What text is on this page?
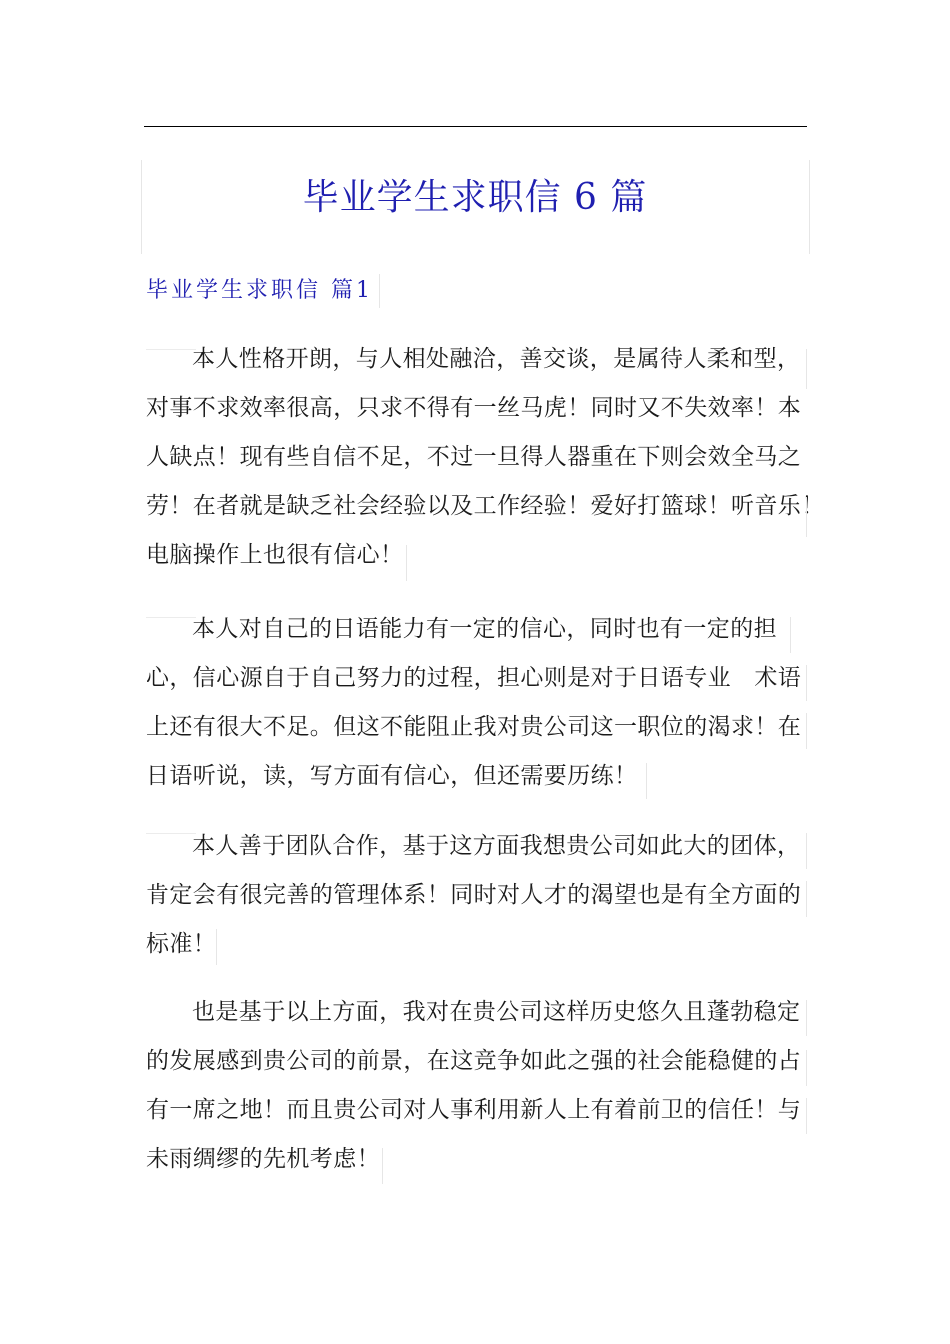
毕业学生求职信 6 篇
毕业学生求职信 篇1

本人性格开朗，与人相处融洽，善交谈，是属待人柔和型，
对事不求效率很高，只求不得有一丝马虎！同时又不失效率！本
人缺点！现有些自信不足，不过一旦得人器重在下则会效全马之
劳！在者就是缺乏社会经验以及工作经验！爱好打篮球！听音乐！
电脑操作上也很有信心！

本人对自己的日语能力有一定的信心，同时也有一定的担
心，信心源自于自己努力的过程，担心则是对于日语专业　术语
上还有很大不足。但这不能阻止我对贵公司这一职位的渴求！在
日语听说，读，写方面有信心，但还需要历练！

本人善于团队合作，基于这方面我想贵公司如此大的团体，
肯定会有很完善的管理体系！同时对人才的渴望也是有全方面的
标准！

也是基于以上方面，我对在贵公司这样历史悠久且蓬勃稳定
的发展感到贵公司的前景，在这竞争如此之强的社会能稳健的占
有一席之地！而且贵公司对人事利用新人上有着前卫的信任！与
未雨绸缪的先机考虑！
